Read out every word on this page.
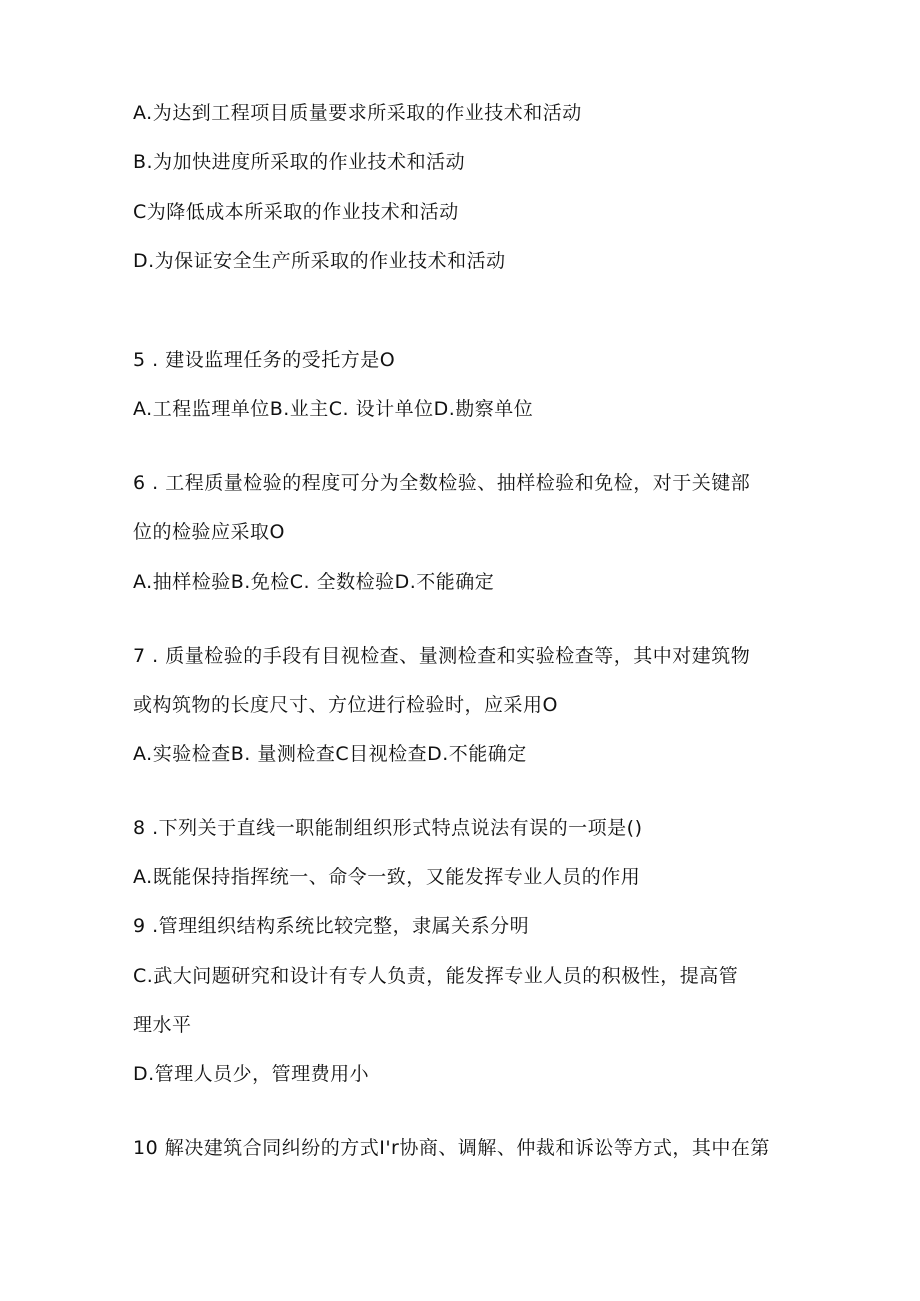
A.为达到工程项目质量要求所采取的作业技术和活动
B.为加快进度所采取的作业技术和活动
C为降低成本所采取的作业技术和活动
D.为保证安全生产所采取的作业技术和活动
5 . 建设监理任务的受托方是O
A.工程监理单位B.业主C. 设计单位D.勘察单位
6 . 工程质量检验的程度可分为全数检验、抽样检验和免检，对于关键部
位的检验应采取O
A.抽样检验B.免检C. 全数检验D.不能确定
7 . 质量检验的手段有目视检查、量测检查和实验检查等，其中对建筑物
或构筑物的长度尺寸、方位进行检验时，应采用O
A.实验检查B. 量测检查C目视检查D.不能确定
8 .下列关于直线一职能制组织形式特点说法有误的一项是()
A.既能保持指挥统一、命令一致，又能发挥专业人员的作用
9 .管理组织结构系统比较完整，隶属关系分明
C.武大问题研究和设计有专人负责，能发挥专业人员的积极性，提高管
理水平
D.管理人员少，管理费用小
10 解决建筑合同纠纷的方式I'r协商、调解、仲裁和诉讼等方式，其中在第
